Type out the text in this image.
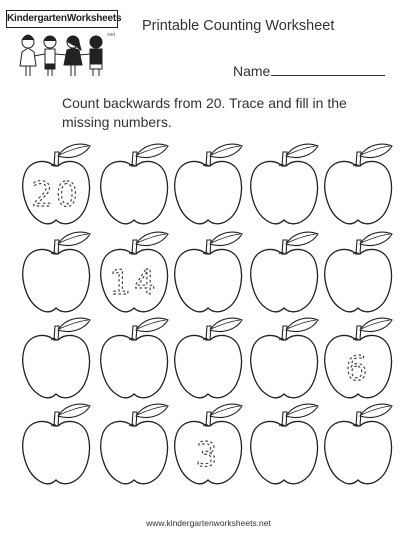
KindergartenWorksheets
.net
Printable Counting Worksheet
Name
Count backwards from 20. Trace and fill in the missing numbers.
20
14
6
3
www.kindergartenworksheets.net
